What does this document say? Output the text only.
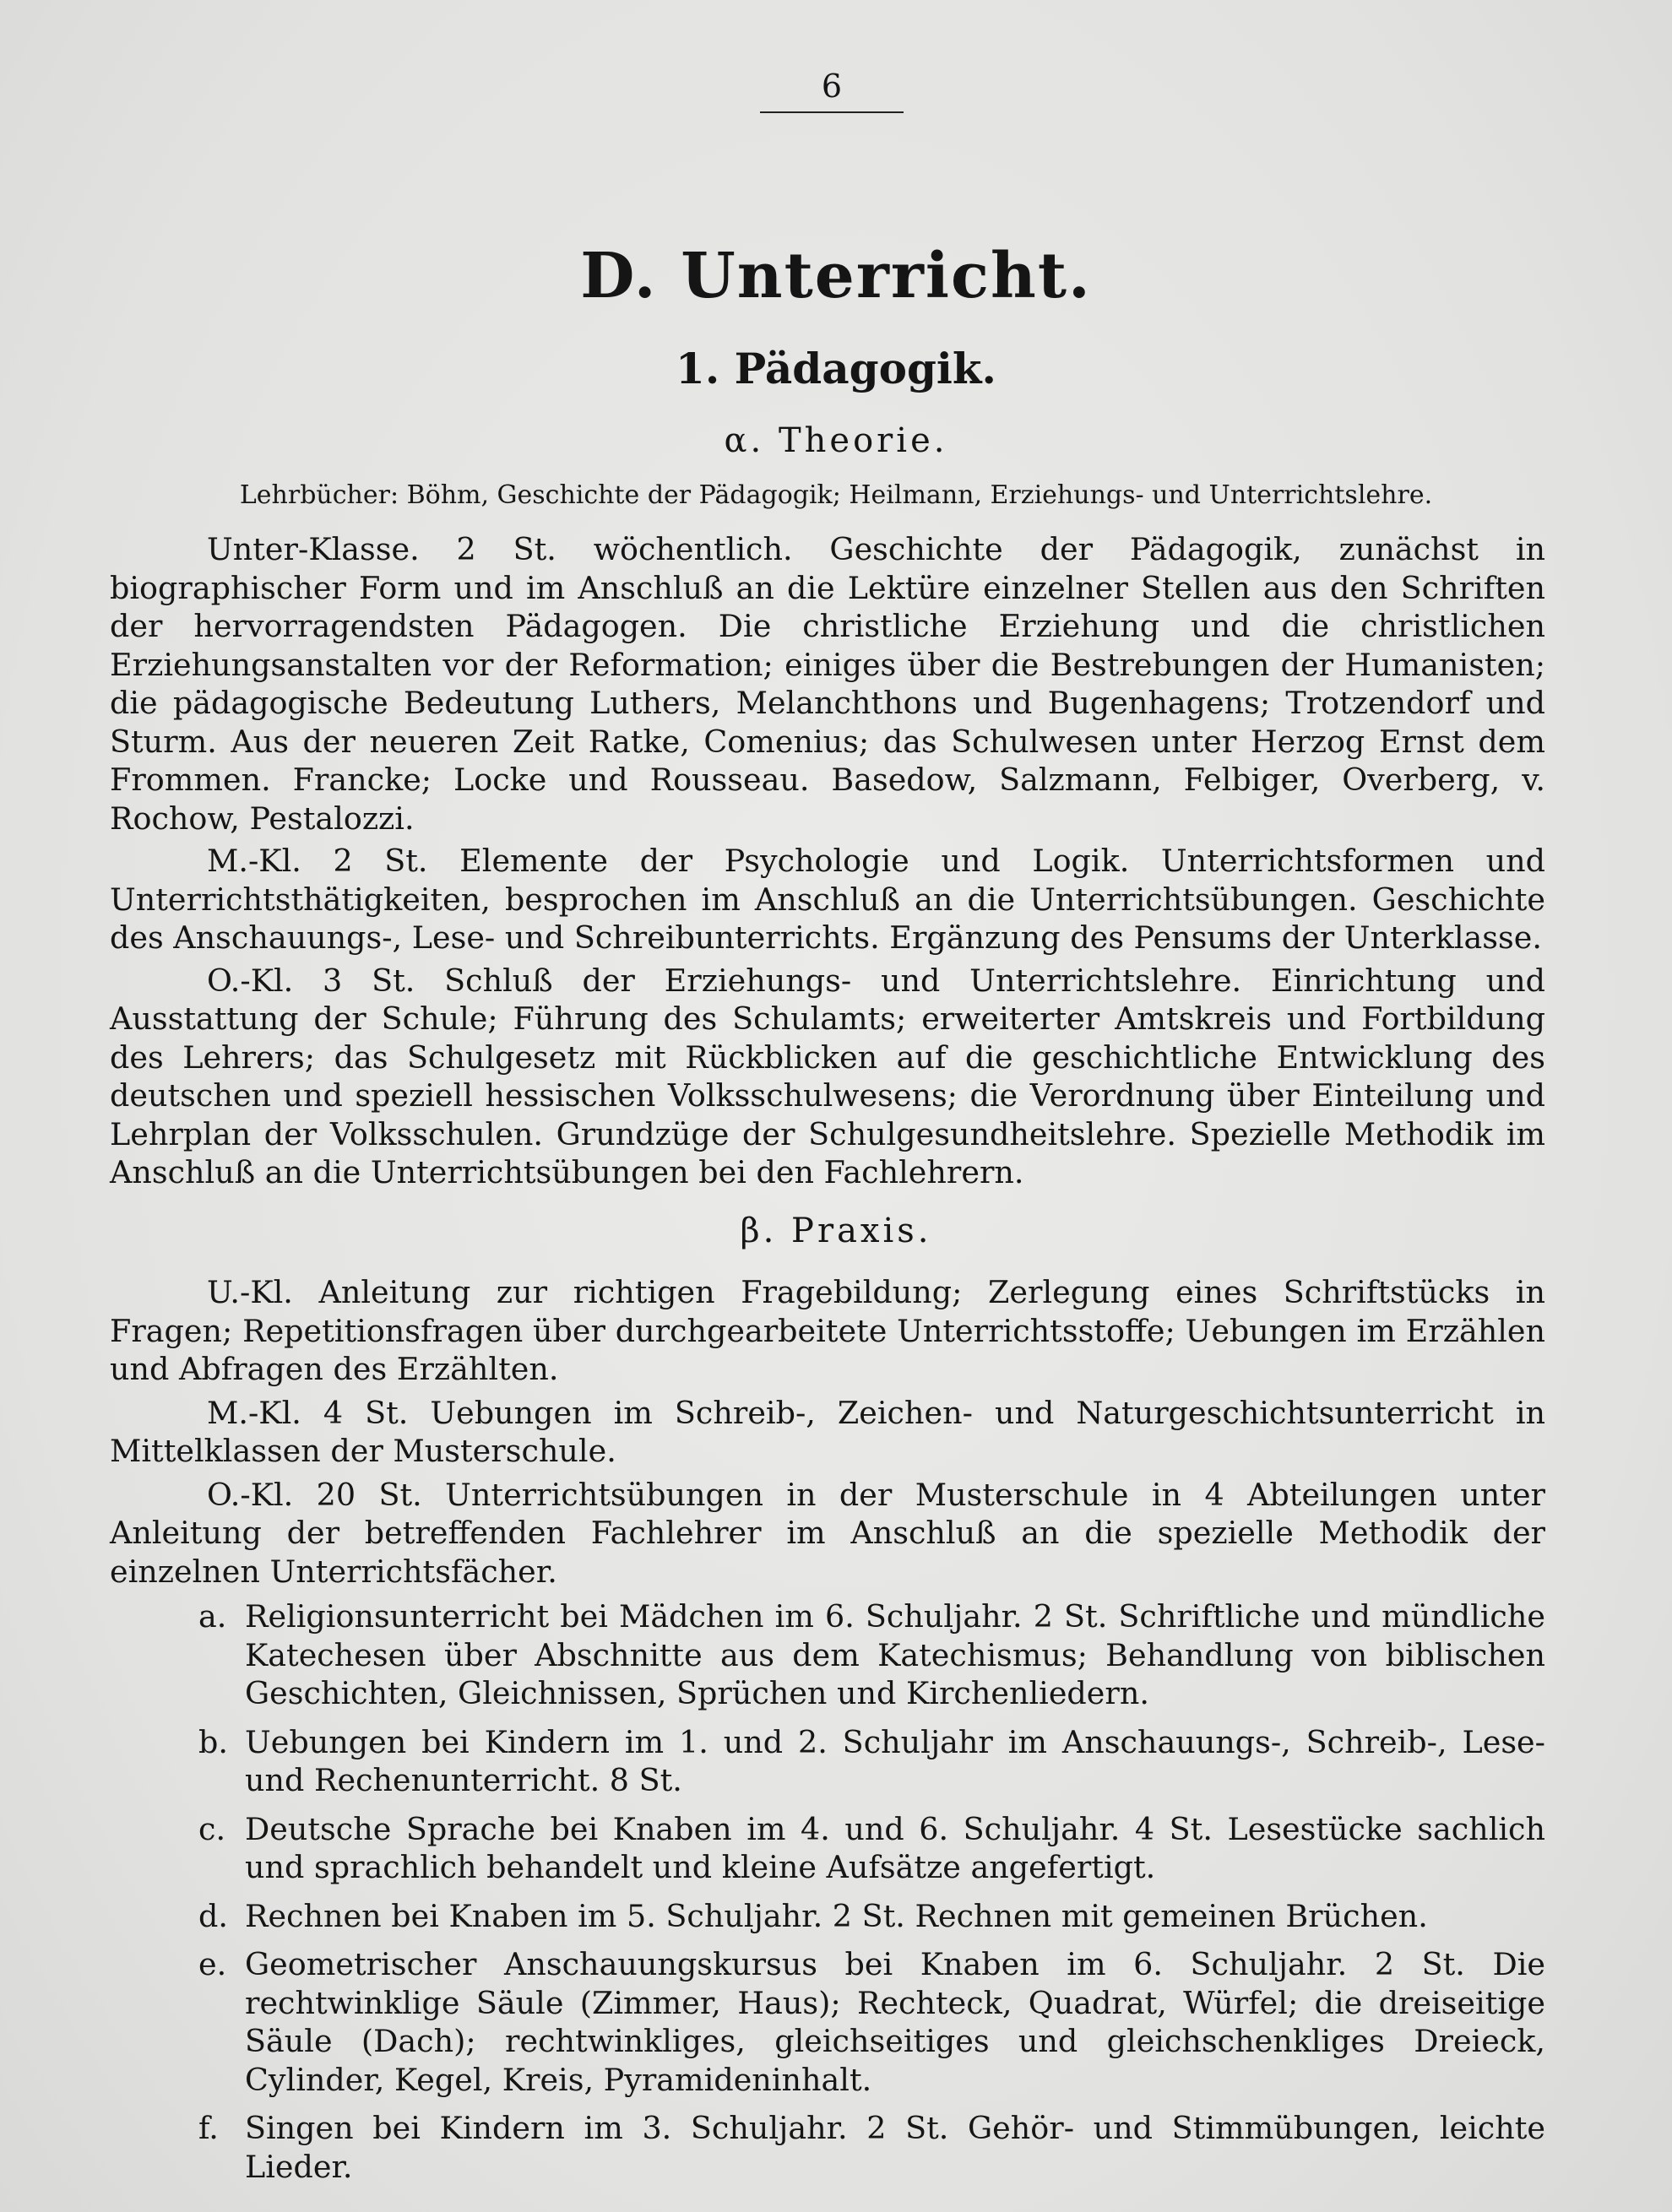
6
D. Unterricht.
1. Pädagogik.
α. Theorie.
Lehrbücher: Böhm, Geschichte der Pädagogik; Heilmann, Erziehungs- und Unterrichtslehre.

Unter-Klasse. 2 St. wöchentlich. Geschichte der Pädagogik, zunächst in biographischer Form und im Anschluß an die Lektüre einzelner Stellen aus den Schriften der hervorragendsten Pädagogen. Die christliche Erziehung und die christlichen Erziehungsanstalten vor der Reformation; einiges über die Bestrebungen der Humanisten; die pädagogische Bedeutung Luthers, Melanchthons und Bugenhagens; Trotzendorf und Sturm. Aus der neueren Zeit Ratke, Comenius; das Schulwesen unter Herzog Ernst dem Frommen. Francke; Locke und Rousseau. Basedow, Salzmann, Felbiger, Overberg, v. Rochow, Pestalozzi.

M.-Kl. 2 St. Elemente der Psychologie und Logik. Unterrichtsformen und Unterrichtsthätigkeiten, besprochen im Anschluß an die Unterrichtsübungen. Geschichte des Anschauungs-, Lese- und Schreibunterrichts. Ergänzung des Pensums der Unterklasse.

O.-Kl. 3 St. Schluß der Erziehungs- und Unterrichtslehre. Einrichtung und Ausstattung der Schule; Führung des Schulamts; erweiterter Amtskreis und Fortbildung des Lehrers; das Schulgesetz mit Rückblicken auf die geschichtliche Entwicklung des deutschen und speziell hessischen Volksschulwesens; die Verordnung über Einteilung und Lehrplan der Volksschulen. Grundzüge der Schulgesundheitslehre. Spezielle Methodik im Anschluß an die Unterrichtsübungen bei den Fachlehrern.

β. Praxis.

U.-Kl. Anleitung zur richtigen Fragebildung; Zerlegung eines Schriftstücks in Fragen; Repetitionsfragen über durchgearbeitete Unterrichtsstoffe; Uebungen im Erzählen und Abfragen des Erzählten.

M.-Kl. 4 St. Uebungen im Schreib-, Zeichen- und Naturgeschichtsunterricht in Mittelklassen der Musterschule.

O.-Kl. 20 St. Unterrichtsübungen in der Musterschule in 4 Abteilungen unter Anleitung der betreffenden Fachlehrer im Anschluß an die spezielle Methodik der einzelnen Unterrichtsfächer.

a. Religionsunterricht bei Mädchen im 6. Schuljahr. 2 St. Schriftliche und mündliche Katechesen über Abschnitte aus dem Katechismus; Behandlung von biblischen Geschichten, Gleichnissen, Sprüchen und Kirchenliedern.
b. Uebungen bei Kindern im 1. und 2. Schuljahr im Anschauungs-, Schreib-, Lese- und Rechenunterricht. 8 St.
c. Deutsche Sprache bei Knaben im 4. und 6. Schuljahr. 4 St. Lesestücke sachlich und sprachlich behandelt und kleine Aufsätze angefertigt.
d. Rechnen bei Knaben im 5. Schuljahr. 2 St. Rechnen mit gemeinen Brüchen.
e. Geometrischer Anschauungskursus bei Knaben im 6. Schuljahr. 2 St. Die rechtwinklige Säule (Zimmer, Haus); Rechteck, Quadrat, Würfel; die dreiseitige Säule (Dach); rechtwinkliges, gleichseitiges und gleichschenkliges Dreieck, Cylinder, Kegel, Kreis, Pyramideninhalt.
f. Singen bei Kindern im 3. Schuljahr. 2 St. Gehör- und Stimmübungen, leichte Lieder.
